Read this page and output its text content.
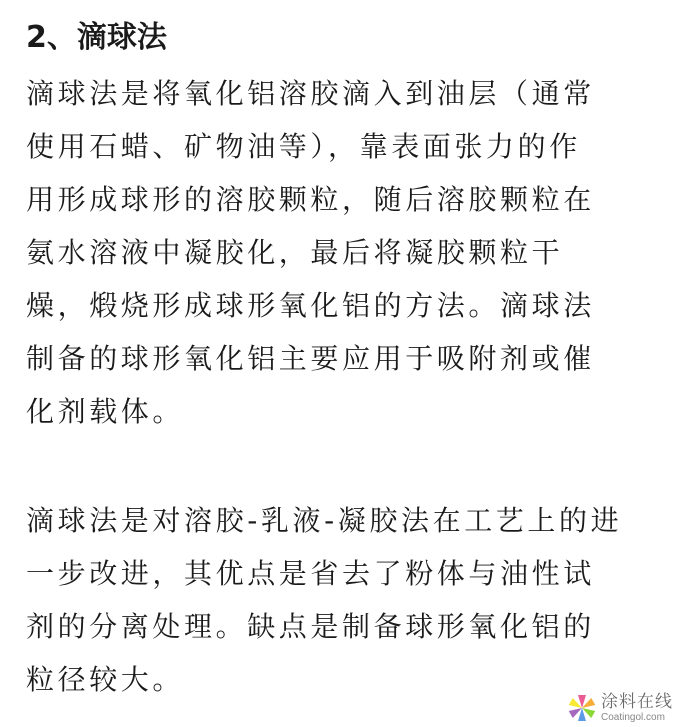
2、滴球法
滴球法是将氧化铝溶胶滴入到油层（通常
使用石蜡、矿物油等），靠表面张力的作
用形成球形的溶胶颗粒，随后溶胶颗粒在
氨水溶液中凝胶化，最后将凝胶颗粒干
燥，煅烧形成球形氧化铝的方法。滴球法
制备的球形氧化铝主要应用于吸附剂或催
化剂载体。
滴球法是对溶胶-乳液-凝胶法在工艺上的进
一步改进，其优点是省去了粉体与油性试
剂的分离处理。缺点是制备球形氧化铝的
粒径较大。
涂料在线
Coatingol.com
